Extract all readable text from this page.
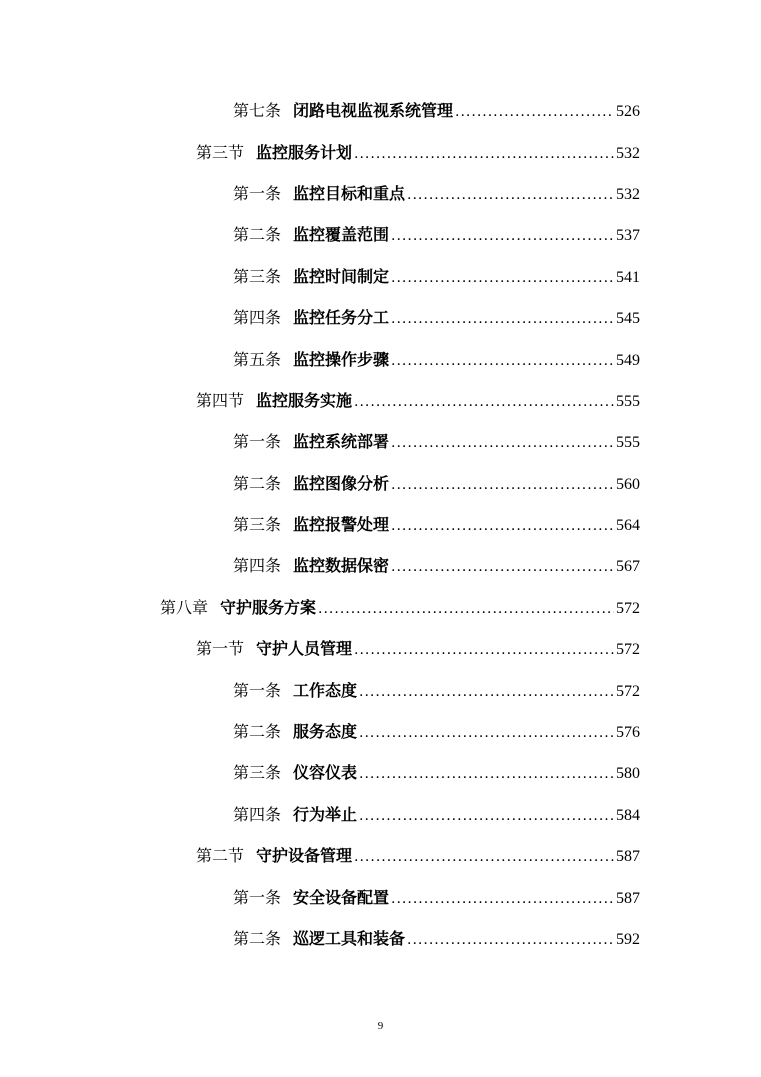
第七条 闭路电视监视系统管理 .....	526
第三节 监控服务计划 .....	532
第一条 监控目标和重点 .....	532
第二条 监控覆盖范围 .....	537
第三条 监控时间制定 .....	541
第四条 监控任务分工 .....	545
第五条 监控操作步骤 .....	549
第四节 监控服务实施 .....	555
第一条 监控系统部署 .....	555
第二条 监控图像分析 .....	560
第三条 监控报警处理 .....	564
第四条 监控数据保密 .....	567
第八章 守护服务方案 .....	572
第一节 守护人员管理 .....	572
第一条 工作态度 .....	572
第二条 服务态度 .....	576
第三条 仪容仪表 .....	580
第四条 行为举止 .....	584
第二节 守护设备管理 .....	587
第一条 安全设备配置 .....	587
第二条 巡逻工具和装备 .....	592
9
